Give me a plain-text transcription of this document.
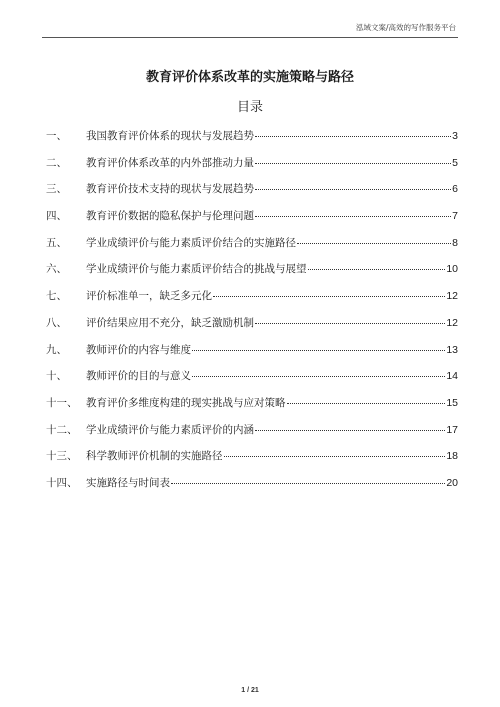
泓域文案/高效的写作服务平台
教育评价体系改革的实施策略与路径
目录
一、	我国教育评价体系的现状与发展趋势	3
二、	教育评价体系改革的内外部推动力量	5
三、	教育评价技术支持的现状与发展趋势	6
四、	教育评价数据的隐私保护与伦理问题	7
五、	学业成绩评价与能力素质评价结合的实施路径	8
六、	学业成绩评价与能力素质评价结合的挑战与展望	10
七、	评价标准单一，缺乏多元化	12
八、	评价结果应用不充分，缺乏激励机制	12
九、	教师评价的内容与维度	13
十、	教师评价的目的与意义	14
十一、 教育评价多维度构建的现实挑战与应对策略	15
十二、 学业成绩评价与能力素质评价的内涵	17
十三、 科学教师评价机制的实施路径	18
十四、 实施路径与时间表	20
1 / 21
